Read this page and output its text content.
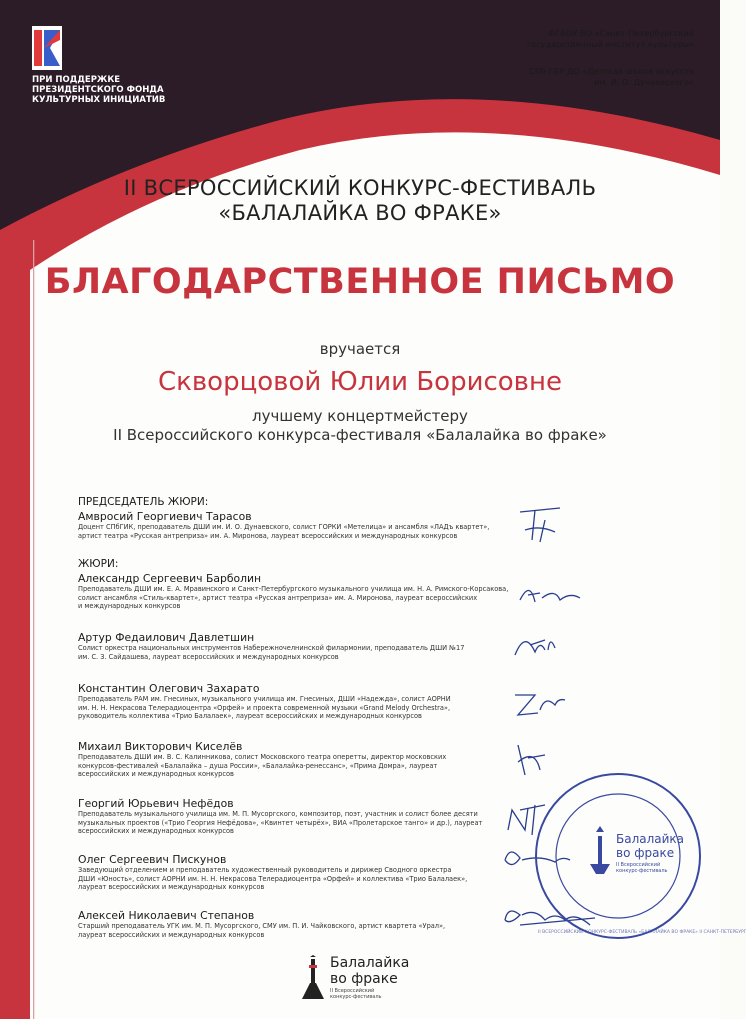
ПРИ ПОДДЕРЖКЕ
ПРЕЗИДЕНТСКОГО ФОНДА
КУЛЬТУРНЫХ ИНИЦИАТИВ
ФГБОУ ВО «Санкт-Петербургский
государственный институт культуры»
СПб ГБУ ДО «Детская школа искусств
им. И. О. Дунаевского»
II ВСЕРОССИЙСКИЙ КОНКУРС-ФЕСТИВАЛЬ
«БАЛАЛАЙКА ВО ФРАКЕ»
БЛАГОДАРСТВЕННОЕ ПИСЬМО
вручается
Скворцовой Юлии Борисовне
лучшему концертмейстеру
II Всероссийского конкурса-фестиваля «Балалайка во фраке»
ПРЕДСЕДАТЕЛЬ ЖЮРИ:
Амвросий Георгиевич Тарасов
Доцент СПбГИК, преподаватель ДШИ им. И. О. Дунаевского, солист ГОРКИ «Метелица» и ансамбля «ЛАДъ квартет»,
артист театра «Русская антреприза» им. А. Миронова, лауреат всероссийских и международных конкурсов
ЖЮРИ:
Александр Сергеевич Барболин
Преподаватель ДШИ им. Е. А. Мравинского и Санкт-Петербургского музыкального училища им. Н. А. Римского-Корсакова,
солист ансамбля «Стиль-квартет», артист театра «Русская антреприза» им. А. Миронова, лауреат всероссийских
и международных конкурсов
Артур Федаилович Давлетшин
Солист оркестра национальных инструментов Набережночелнинской филармонии, преподаватель ДШИ №17
им. С. З. Сайдашева, лауреат всероссийских и международных конкурсов
Константин Олегович Захарато
Преподаватель РАМ им. Гнесиных, музыкального училища им. Гнесиных, ДШИ «Надежда», солист АОРНИ
им. Н. Н. Некрасова Телерадиоцентра «Орфей» и проекта современной музыки «Grand Melody Orchestra»,
руководитель коллектива «Трио Балалаек», лауреат всероссийских и международных конкурсов
Михаил Викторович Киселёв
Преподаватель ДШИ им. В. С. Калинникова, солист Московского театра оперетты, директор московских
конкурсов-фестивалей «Балалайка – душа России», «Балалайка-ренессанс», «Прима Домра», лауреат
всероссийских и международных конкурсов
Георгий Юрьевич Нефёдов
Преподаватель музыкального училища им. М. П. Мусоргского, композитор, поэт, участник и солист более десяти
музыкальных проектов («Трио Георгия Нефёдова», «Квинтет четырёх», ВИА «Пролетарское танго» и др.), лауреат
всероссийских и международных конкурсов
Олег Сергеевич Пискунов
Заведующий отделением и преподаватель художественный руководитель и дирижер Сводного оркестра
ДШИ «Юность», солист АОРНИ им. Н. Н. Некрасова Телерадиоцентра «Орфей» и коллектива «Трио Балалаек»,
лауреат всероссийских и международных конкурсов
Алексей Николаевич Степанов
Старший преподаватель УГК им. М. П. Мусоргского, СМУ им. П. И. Чайковского, артист квартета «Урал»,
лауреат всероссийских и международных конкурсов
Балалайка
во фраке
II Всероссийский
конкурс-фестиваль
II ВСЕРОССИЙСКИЙ КОНКУРС-ФЕСТИВАЛЬ «БАЛАЛАЙКА ВО ФРАКЕ» II САНКТ-ПЕТЕРБУРГ
Балалайка
во фраке
II Всероссийский
конкурс-фестиваль
